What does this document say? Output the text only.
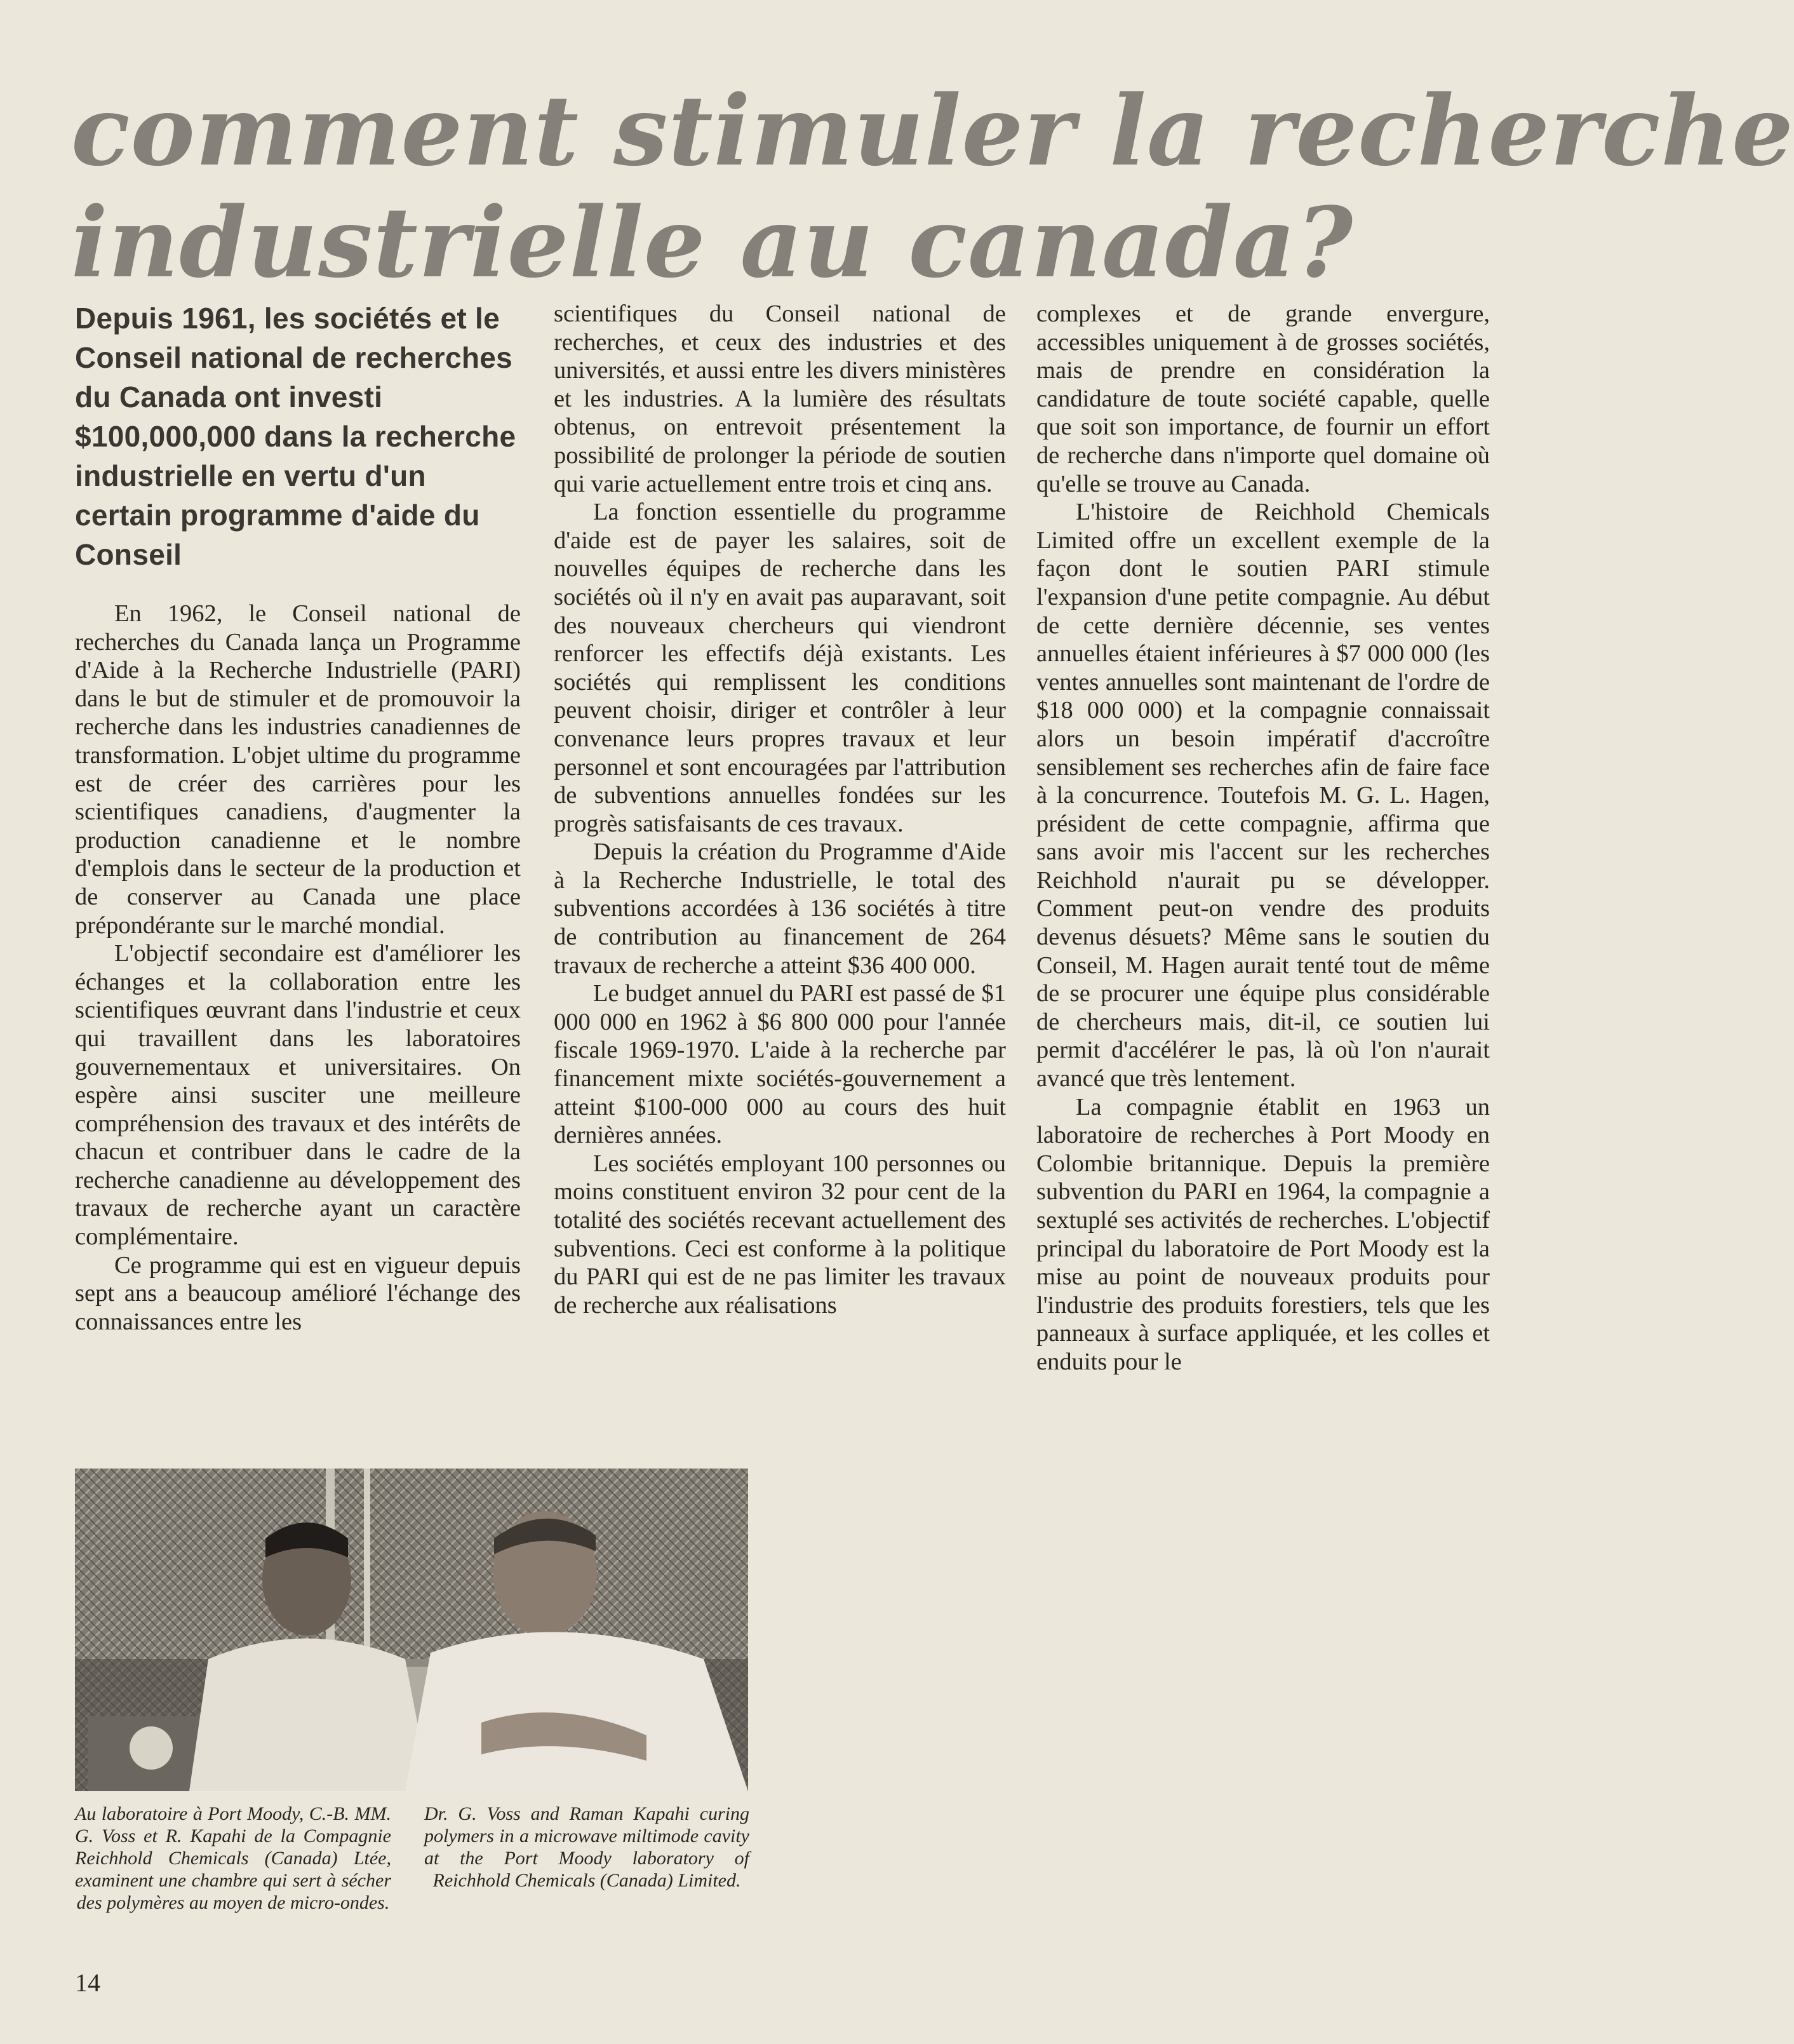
comment stimuler la recherche
industrielle au canada?

Depuis 1961, les sociétés et le Conseil national de recherches du Canada ont investi $100,000,000 dans la recherche industrielle en vertu d'un certain programme d'aide du Conseil

En 1962, le Conseil national de recherches du Canada lança un Programme d'Aide à la Recherche Industrielle (PARI) dans le but de stimuler et de promouvoir la recherche dans les industries canadiennes de transformation. L'objet ultime du programme est de créer des carrières pour les scientifiques canadiens, d'augmenter la production canadienne et le nombre d'emplois dans le secteur de la production et de conserver au Canada une place prépondérante sur le marché mondial.

L'objectif secondaire est d'améliorer les échanges et la collaboration entre les scientifiques œuvrant dans l'industrie et ceux qui travaillent dans les laboratoires gouvernementaux et universitaires. On espère ainsi susciter une meilleure compréhension des travaux et des intérêts de chacun et contribuer dans le cadre de la recherche canadienne au développement des travaux de recherche ayant un caractère complémentaire.

Ce programme qui est en vigueur depuis sept ans a beaucoup amélioré l'échange des connaissances entre les

scientifiques du Conseil national de recherches, et ceux des industries et des universités, et aussi entre les divers ministères et les industries. A la lumière des résultats obtenus, on entrevoit présentement la possibilité de prolonger la période de soutien qui varie actuellement entre trois et cinq ans.

La fonction essentielle du programme d'aide est de payer les salaires, soit de nouvelles équipes de recherche dans les sociétés où il n'y en avait pas auparavant, soit des nouveaux chercheurs qui viendront renforcer les effectifs déjà existants. Les sociétés qui remplissent les conditions peuvent choisir, diriger et contrôler à leur convenance leurs propres travaux et leur personnel et sont encouragées par l'attribution de subventions annuelles fondées sur les progrès satisfaisants de ces travaux.

Depuis la création du Programme d'Aide à la Recherche Industrielle, le total des subventions accordées à 136 sociétés à titre de contribution au financement de 264 travaux de recherche a atteint $36 400 000.

Le budget annuel du PARI est passé de $1 000 000 en 1962 à $6 800 000 pour l'année fiscale 1969-1970. L'aide à la recherche par financement mixte sociétés-gouvernement a atteint $100-000 000 au cours des huit dernières années.

Les sociétés employant 100 personnes ou moins constituent environ 32 pour cent de la totalité des sociétés recevant actuellement des subventions. Ceci est conforme à la politique du PARI qui est de ne pas limiter les travaux de recherche aux réalisations

complexes et de grande envergure, accessibles uniquement à de grosses sociétés, mais de prendre en considération la candidature de toute société capable, quelle que soit son importance, de fournir un effort de recherche dans n'importe quel domaine où qu'elle se trouve au Canada.

L'histoire de Reichhold Chemicals Limited offre un excellent exemple de la façon dont le soutien PARI stimule l'expansion d'une petite compagnie. Au début de cette dernière décennie, ses ventes annuelles étaient inférieures à $7 000 000 (les ventes annuelles sont maintenant de l'ordre de $18 000 000) et la compagnie connaissait alors un besoin impératif d'accroître sensiblement ses recherches afin de faire face à la concurrence. Toutefois M. G. L. Hagen, président de cette compagnie, affirma que sans avoir mis l'accent sur les recherches Reichhold n'aurait pu se développer. Comment peut-on vendre des produits devenus désuets? Même sans le soutien du Conseil, M. Hagen aurait tenté tout de même de se procurer une équipe plus considérable de chercheurs mais, dit-il, ce soutien lui permit d'accélérer le pas, là où l'on n'aurait avancé que très lentement.

La compagnie établit en 1963 un laboratoire de recherches à Port Moody en Colombie britannique. Depuis la première subvention du PARI en 1964, la compagnie a sextuplé ses activités de recherches. L'objectif principal du laboratoire de Port Moody est la mise au point de nouveaux produits pour l'industrie des produits forestiers, tels que les panneaux à surface appliquée, et les colles et enduits pour le

Au laboratoire à Port Moody, C.-B. MM. G. Voss et R. Kapahi de la Compagnie Reichhold Chemicals (Canada) Ltée, examinent une chambre qui sert à sécher des polymères au moyen de micro-ondes.

Dr. G. Voss and Raman Kapahi curing polymers in a microwave miltimode cavity at the Port Moody laboratory of Reichhold Chemicals (Canada) Limited.

14
